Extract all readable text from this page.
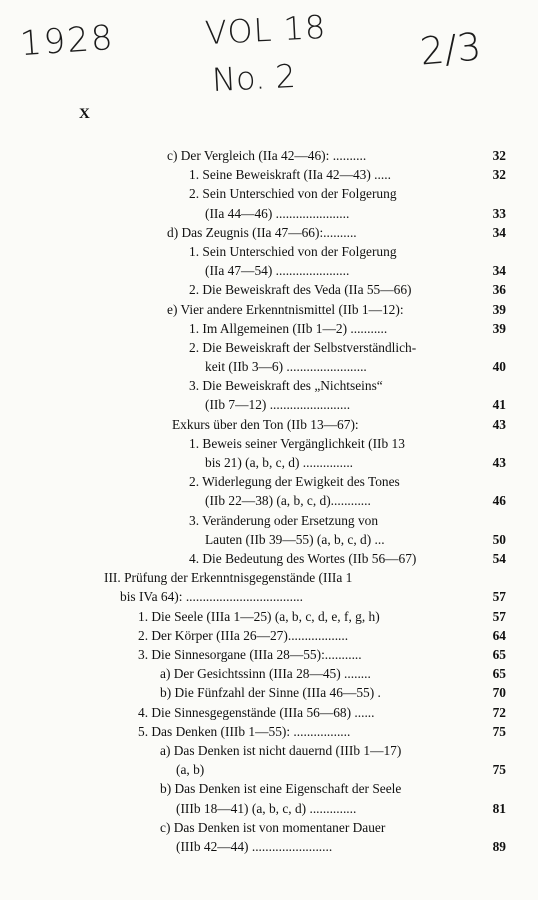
1928	VOL 18
No. 2
2/3
X
c) Der Vergleich (IIa 42—46): ..........	32
1. Seine Beweiskraft (IIa 42—43) .....	32
2. Sein Unterschied von der Folgerung
(IIa 44—46) ......................	33
d) Das Zeugnis (IIa 47—66):..........	34
1. Sein Unterschied von der Folgerung
(IIa 47—54) ......................	34
2. Die Beweiskraft des Veda (IIa 55—66)	36
e) Vier andere Erkenntnismittel (IIb 1—12):	39
1. Im Allgemeinen (IIb 1—2) ...........	39
2. Die Beweiskraft der Selbstverständlich-
keit (IIb 3—6) ........................	40
3. Die Beweiskraft des „Nichtseins“
(IIb 7—12) ........................	41
Exkurs über den Ton (IIb 13—67):	43
1. Beweis seiner Vergänglichkeit (IIb 13
bis 21) (a, b, c, d) ...............	43
2. Widerlegung der Ewigkeit des Tones
(IIb 22—38) (a, b, c, d)............	46
3. Veränderung oder Ersetzung von
Lauten (IIb 39—55) (a, b, c, d) ...	50
4. Die Bedeutung des Wortes (IIb 56—67)	54
III. Prüfung der Erkenntnisgegenstände (IIIa 1
bis IVa 64): ...................................	57
1. Die Seele (IIIa 1—25) (a, b, c, d, e, f, g, h)	57
2. Der Körper (IIIa 26—27)..................	64
3. Die Sinnesorgane (IIIa 28—55):...........	65
a) Der Gesichtssinn (IIIa 28—45) ........	65
b) Die Fünfzahl der Sinne (IIIa 46—55) .	70
4. Die Sinnesgegenstände (IIIa 56—68) ......	72
5. Das Denken (IIIb 1—55): .................	75
a) Das Denken ist nicht dauernd (IIIb 1—17)
(a, b)	75
b) Das Denken ist eine Eigenschaft der Seele
(IIIb 18—41) (a, b, c, d) ..............	81
c) Das Denken ist von momentaner Dauer
(IIIb 42—44) ........................	89
